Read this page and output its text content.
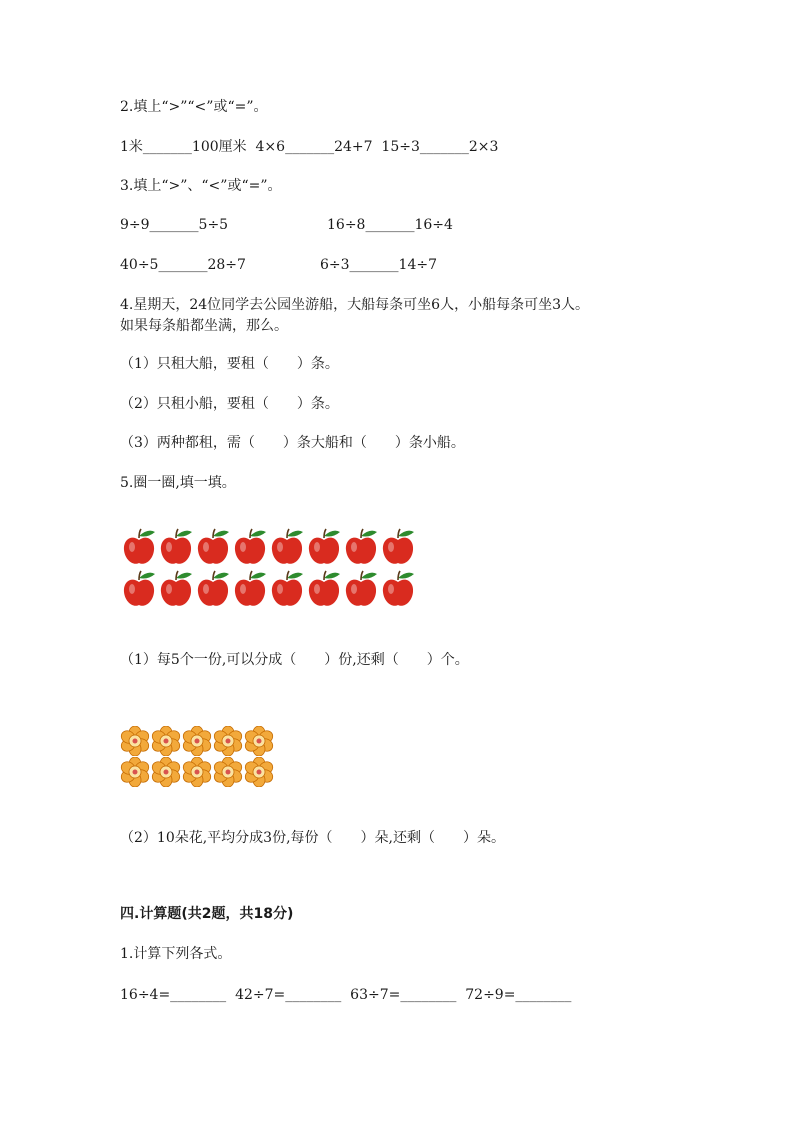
2.填上“>”“<”或“=”。
1米_______100厘米  4×6_______24+7  15÷3_______2×3
3.填上“>”、“<”或“=”。
9÷9_______5÷5	16÷8_______16÷4
40÷5_______28÷7	6÷3_______14÷7
4.星期天，24位同学去公园坐游船，大船每条可坐6人，小船每条可坐3人。
如果每条船都坐满，那么。
（1）只租大船，要租（　　）条。
（2）只租小船，要租（　　）条。
（3）两种都租，需（　　）条大船和（　　）条小船。
5.圈一圈,填一填。
（1）每5个一份,可以分成（　　）份,还剩（　　）个。
（2）10朵花,平均分成3份,每份（　　）朵,还剩（　　）朵。
四.计算题(共2题，共18分)
1.计算下列各式。
16÷4=________  42÷7=________  63÷7=________  72÷9=________
